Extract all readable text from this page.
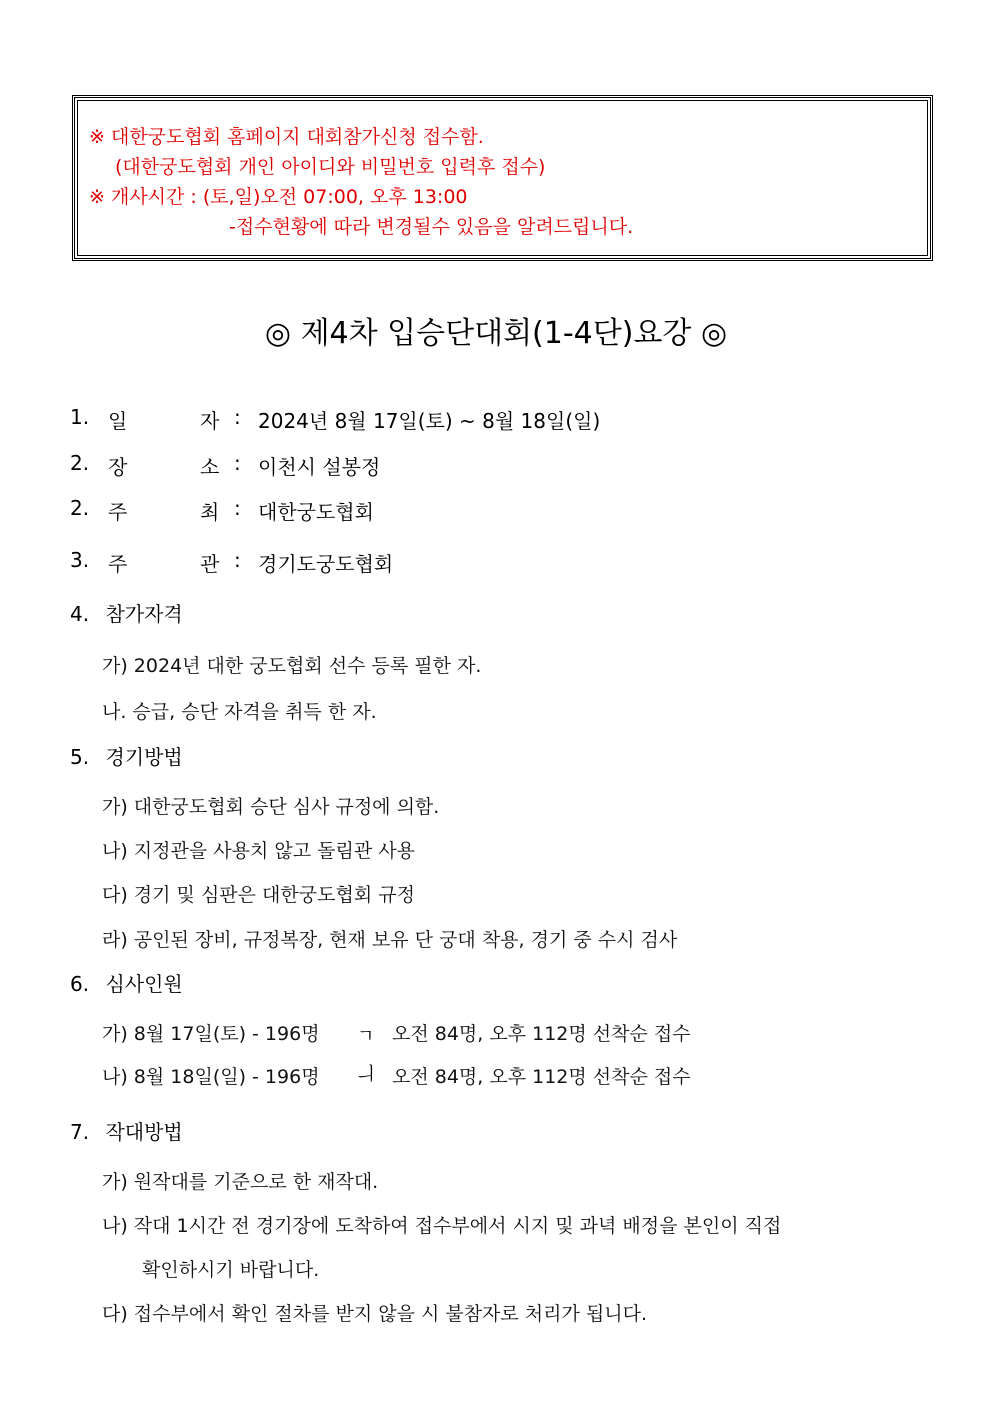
※ 대한궁도협회 홈페이지 대회참가신청 접수함.
(대한궁도협회 개인 아이디와 비밀번호 입력후 접수)
※ 개사시간 : (토,일)오전 07:00, 오후 13:00
-접수현황에 따라 변경될수 있음을 알려드립니다.
◎ 제4차 입승단대회(1-4단)요강 ◎
1. 일	자 : 2024년 8월 17일(토) ~ 8월 18일(일)
2. 장	소 : 이천시 설봉정
2. 주	최 : 대한궁도협회
3. 주	관 : 경기도궁도협회
4. 참가자격
가) 2024년 대한 궁도협회 선수 등록 필한 자.
나. 승급, 승단 자격을 취득 한 자.
5. 경기방법
가) 대한궁도협회 승단 심사 규정에 의함.
나) 지정관을 사용치 않고 돌림관 사용
다) 경기 및 심판은 대한궁도협회 규정
라) 공인된 장비, 규정복장, 현재 보유 단 궁대 착용, 경기 중 수시 검사
6. 심사인원
가) 8월 17일(토) - 196명 ㄱ 오전 84명, 오후 112명 선착순 접수
나) 8월 18일(일) - 196명 ㅢ 오전 84명, 오후 112명 선착순 접수
7. 작대방법
가) 원작대를 기준으로 한 재작대.
나) 작대 1시간 전 경기장에 도착하여 접수부에서 시지 및 과녁 배정을 본인이 직접
확인하시기 바랍니다.
다) 접수부에서 확인 절차를 받지 않을 시 불참자로 처리가 됩니다.
